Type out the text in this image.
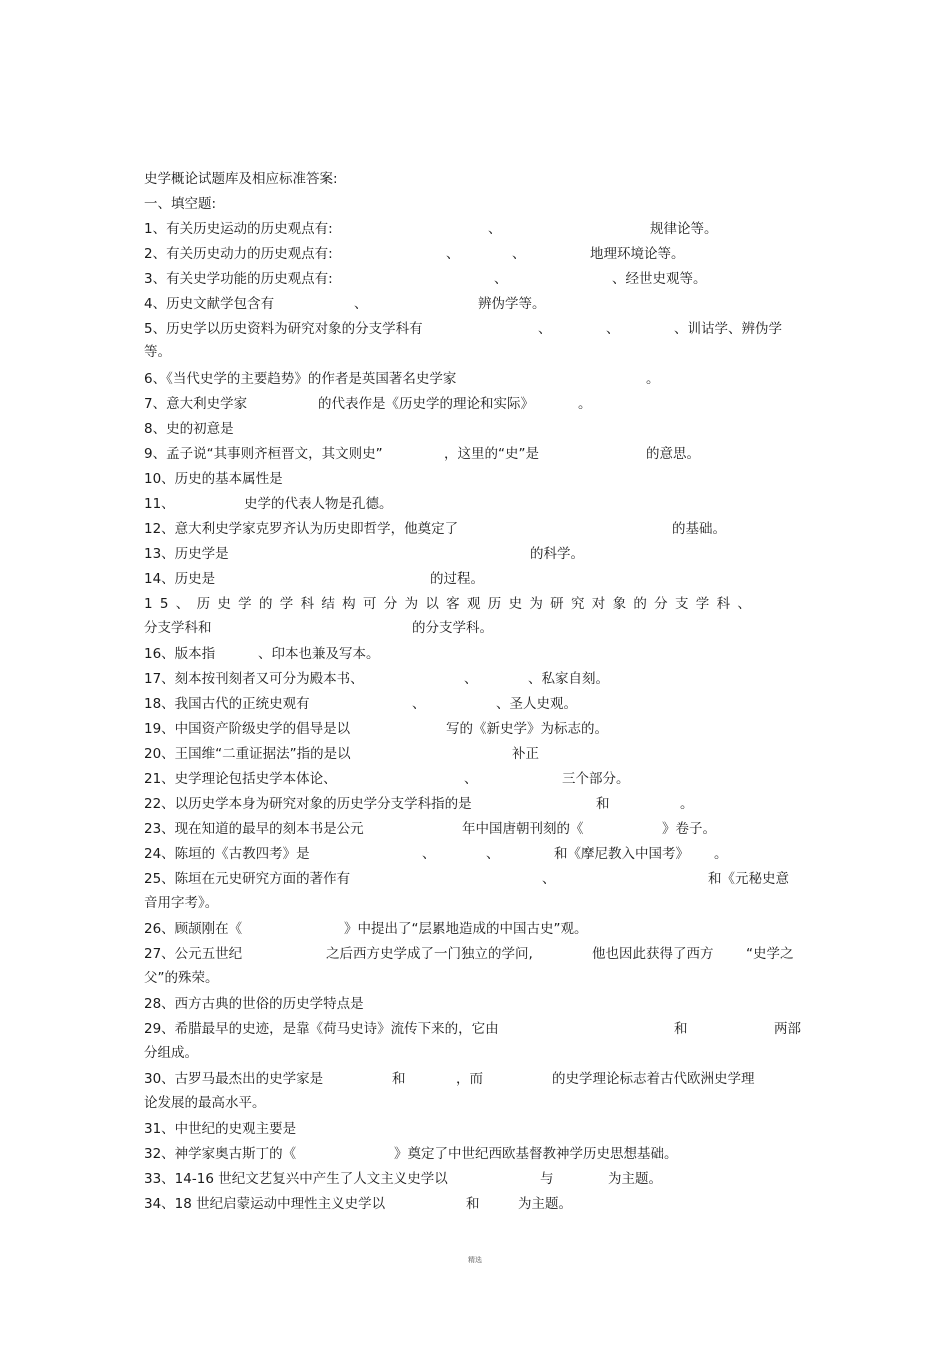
史学概论试题库及相应标准答案:
一、填空题:
1、有关历史运动的历史观点有:	、	规律论等。
2、有关历史动力的历史观点有:	、	、	地理环境论等。
3、有关史学功能的历史观点有:	、	、经世史观等。
4、历史文献学包含有	、	辨伪学等。
5、历史学以历史资料为研究对象的分支学科有	、	、	、训诂学、辨伪学
等。
6、《当代史学的主要趋势》的作者是英国著名史学家	。
7、意大利史学家	的代表作是《历史学的理论和实际》	。
8、史的初意是
9、孟子说“其事则齐桓晋文，其文则史”	，这里的“史”是	的意思。
10、历史的基本属性是
11、	史学的代表人物是孔德。
12、意大利史学家克罗齐认为历史即哲学，他奠定了	的基础。
13、历史学是	的科学。
14、历史是	的过程。
15、历史学的学科结构可分为以客观历史为研究对象的分支学科、
分支学科和	的分支学科。
16、版本指	、印本也兼及写本。
17、刻本按刊刻者又可分为殿本书、	、	、私家自刻。
18、我国古代的正统史观有	、	、圣人史观。
19、中国资产阶级史学的倡导是以	写的《新史学》为标志的。
20、王国维“二重证据法”指的是以	补正
21、史学理论包括史学本体论、	、	三个部分。
22、以历史学本身为研究对象的历史学分支学科指的是	和	。
23、现在知道的最早的刻本书是公元	年中国唐朝刊刻的《	》卷子。
24、陈垣的《古教四考》是	、	、	和《摩尼教入中国考》 。
25、陈垣在元史研究方面的著作有	、	和《元秘史意
音用字考》。
26、顾颉刚在《	》中提出了“层累地造成的中国古史”观。
27、公元五世纪	之后西方史学成了一门独立的学问,	他也因此获得了西方 “史学之
父”的殊荣。
28、西方古典的世俗的历史学特点是
29、希腊最早的史迹，是靠《荷马史诗》流传下来的，它由	和	两部
分组成。
30、古罗马最杰出的史学家是	和	，而	的史学理论标志着古代欧洲史学理
论发展的最高水平。
31、中世纪的史观主要是
32、神学家奥古斯丁的《	》奠定了中世纪西欧基督教神学历史思想基础。
33、14-16 世纪文艺复兴中产生了人文主义史学以	与	为主题。
34、18 世纪启蒙运动中理性主义史学以	和	为主题。
精选
